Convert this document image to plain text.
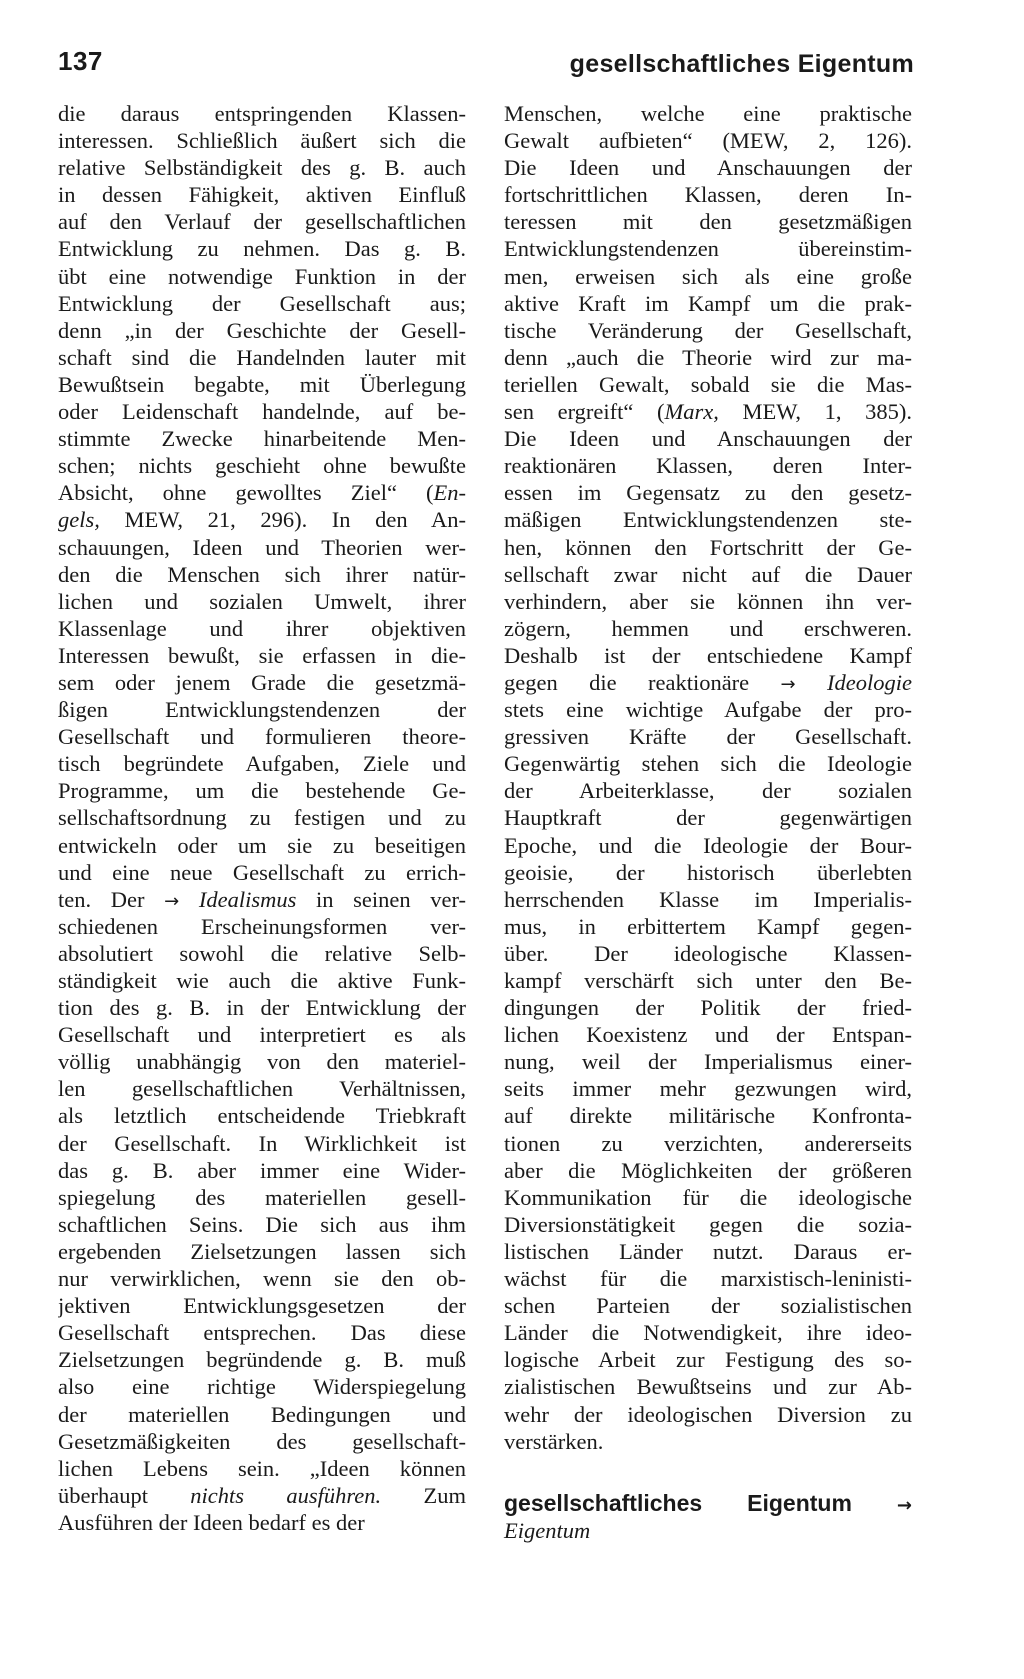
137	gesellschaftliches Eigentum
die daraus entspringenden Klassen-
interessen. Schließlich äußert sich die
relative Selbständigkeit des g. B. auch
in dessen Fähigkeit, aktiven Einfluß
auf den Verlauf der gesellschaftlichen
Entwicklung zu nehmen. Das g. B.
übt eine notwendige Funktion in der
Entwicklung der Gesellschaft aus;
denn „in der Geschichte der Gesell-
schaft sind die Handelnden lauter mit
Bewußtsein begabte, mit Überlegung
oder Leidenschaft handelnde, auf be-
stimmte Zwecke hinarbeitende Men-
schen; nichts geschieht ohne bewußte
Absicht, ohne gewolltes Ziel“ (En-
gels, MEW, 21, 296). In den An-
schauungen, Ideen und Theorien wer-
den die Menschen sich ihrer natür-
lichen und sozialen Umwelt, ihrer
Klassenlage und ihrer objektiven
Interessen bewußt, sie erfassen in die-
sem oder jenem Grade die gesetzmä-
ßigen Entwicklungstendenzen der
Gesellschaft und formulieren theore-
tisch begründete Aufgaben, Ziele und
Programme, um die bestehende Ge-
sellschaftsordnung zu festigen und zu
entwickeln oder um sie zu beseitigen
und eine neue Gesellschaft zu errich-
ten. Der → Idealismus in seinen ver-
schiedenen Erscheinungsformen ver-
absolutiert sowohl die relative Selb-
ständigkeit wie auch die aktive Funk-
tion des g. B. in der Entwicklung der
Gesellschaft und interpretiert es als
völlig unabhängig von den materiel-
len gesellschaftlichen Verhältnissen,
als letztlich entscheidende Triebkraft
der Gesellschaft. In Wirklichkeit ist
das g. B. aber immer eine Wider-
spiegelung des materiellen gesell-
schaftlichen Seins. Die sich aus ihm
ergebenden Zielsetzungen lassen sich
nur verwirklichen, wenn sie den ob-
jektiven Entwicklungsgesetzen der
Gesellschaft entsprechen. Das diese
Zielsetzungen begründende g. B. muß
also eine richtige Widerspiegelung
der materiellen Bedingungen und
Gesetzmäßigkeiten des gesellschaft-
lichen Lebens sein. „Ideen können
überhaupt nichts ausführen. Zum
Ausführen der Ideen bedarf es der
Menschen, welche eine praktische
Gewalt aufbieten“ (MEW, 2, 126).
Die Ideen und Anschauungen der
fortschrittlichen Klassen, deren In-
teressen mit den gesetzmäßigen
Entwicklungstendenzen übereinstim-
men, erweisen sich als eine große
aktive Kraft im Kampf um die prak-
tische Veränderung der Gesellschaft,
denn „auch die Theorie wird zur ma-
teriellen Gewalt, sobald sie die Mas-
sen ergreift“ (Marx, MEW, 1, 385).
Die Ideen und Anschauungen der
reaktionären Klassen, deren Inter-
essen im Gegensatz zu den gesetz-
mäßigen Entwicklungstendenzen ste-
hen, können den Fortschritt der Ge-
sellschaft zwar nicht auf die Dauer
verhindern, aber sie können ihn ver-
zögern, hemmen und erschweren.
Deshalb ist der entschiedene Kampf
gegen die reaktionäre → Ideologie
stets eine wichtige Aufgabe der pro-
gressiven Kräfte der Gesellschaft.
Gegenwärtig stehen sich die Ideologie
der Arbeiterklasse, der sozialen
Hauptkraft der gegenwärtigen
Epoche, und die Ideologie der Bour-
geoisie, der historisch überlebten
herrschenden Klasse im Imperialis-
mus, in erbittertem Kampf gegen-
über. Der ideologische Klassen-
kampf verschärft sich unter den Be-
dingungen der Politik der fried-
lichen Koexistenz und der Entspan-
nung, weil der Imperialismus einer-
seits immer mehr gezwungen wird,
auf direkte militärische Konfronta-
tionen zu verzichten, andererseits
aber die Möglichkeiten der größeren
Kommunikation für die ideologische
Diversionstätigkeit gegen die sozia-
listischen Länder nutzt. Daraus er-
wächst für die marxistisch-leninisti-
schen Parteien der sozialistischen
Länder die Notwendigkeit, ihre ideo-
logische Arbeit zur Festigung des so-
zialistischen Bewußtseins und zur Ab-
wehr der ideologischen Diversion zu
verstärken.
gesellschaftliches Eigentum →
Eigentum
